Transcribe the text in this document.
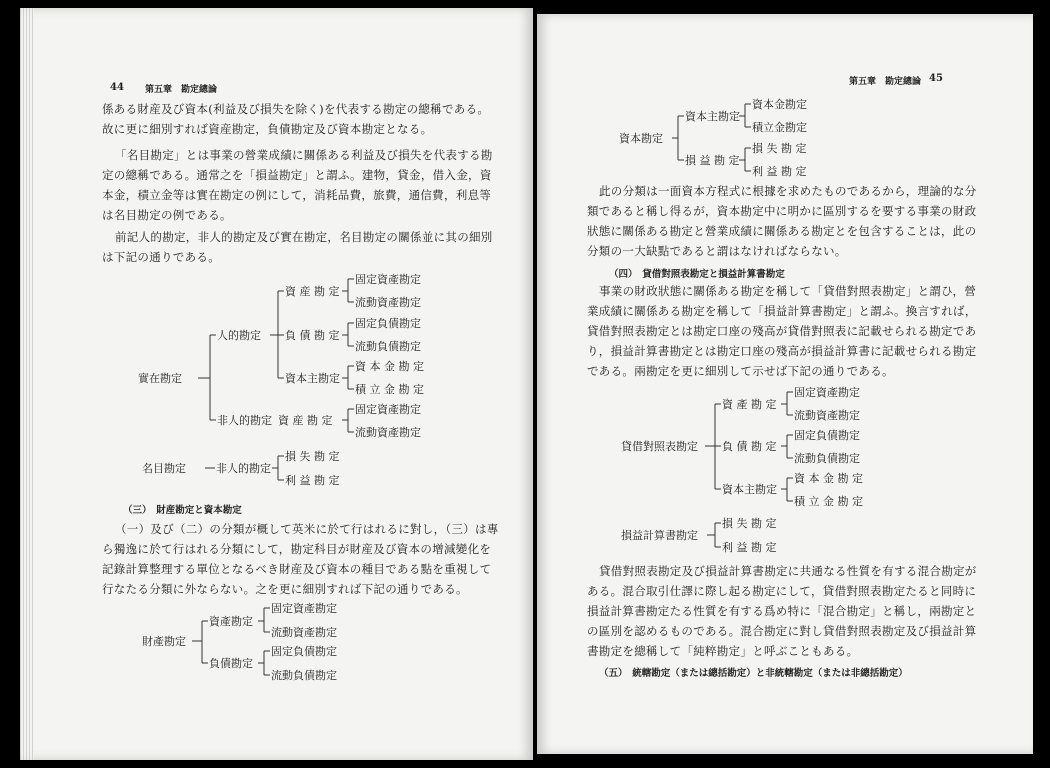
44 第五章　勘定總論
係ある財産及び資本(利益及び損失を除く)を代表する勘定の總稱である。
故に更に細別すれば資産勘定，負債勘定及び資本勘定となる。
「名目勘定」とは事業の營業成績に關係ある利益及び損失を代表する勘
定の總稱である。通常之を「損益勘定」と謂ふ。建物，貸金，借入金，資
本金，積立金等は實在勘定の例にして，消耗品費，旅費，通信費，利息等
は名目勘定の例である。
前記人的勘定，非人的勘定及び實在勘定，名目勘定の關係並に其の細別
は下記の通りである。
實在勘定
人的勘定
資 産 勘 定
負 債 勘 定
資本主勘定
固定資產勘定
流動資產勘定
固定負債勘定
流動負債勘定
資 本 金 勘 定
積 立 金 勘 定
非人的勘定 資 産 勘 定
固定資產勘定
流動資產勘定
名目勘定	非人的勘定
損 失 勘 定
利 益 勘 定
（三）　財産勘定と資本勘定
（一）及び（二）の分類が概して英米に於て行はれるに對し，（三）は專
ら獨逸に於て行はれる分類にして，勘定科目が財産及び資本の增減變化を
記錄計算整理する單位となるべき財産及び資本の種目である點を重視して
行なたる分類に外ならない。之を更に細別すれば下記の通りである。
財產勘定
資產勘定
負債勘定
固定資產勘定
流動資產勘定
固定負債勘定
流動負債勘定
第五章　勘定總論 45
資本勘定
資本主勘定
損 益 勘 定
資本金勘定
積立金勘定
損 失 勘 定
利 益 勘 定
此の分類は一面資本方程式に根據を求めたものであるから，理論的な分
類であると稱し得るが，資本勘定中に明かに區別するを要する事業の財政
狀態に關係ある勘定と營業成績に關係ある勘定とを包含することは，此の
分類の一大缺點であると謂はなければならない。
（四）　貸借對照表勘定と損益計算書勘定
事業の財政狀態に關係ある勘定を稱して「貸借對照表勘定」と謂ひ，營
業成績に關係ある勘定を稱して「損益計算書勘定」と謂ふ。換言すれば，
貸借對照表勘定とは勘定口座の殘高が貸借對照表に記載せられる勘定であ
り，損益計算書勘定とは勘定口座の殘高が損益計算書に記載せられる勘定
である。兩勘定を更に細別して示せば下記の通りである。
貸借對照表勘定
資 產 勘 定
負 債 勘 定
資本主勘定
固定資產勘定
流動資產勘定
固定負債勘定
流動負債勘定
資 本 金 勘 定
積 立 金 勘 定
損益計算書勘定
損 失 勘 定
利 益 勘 定
貸借對照表勘定及び損益計算書勘定に共通なる性質を有する混合勘定が
ある。混合取引仕譯に際し起る勘定にして，貸借對照表勘定たると同時に
損益計算書勘定たる性質を有する爲め特に「混合勘定」と稱し，兩勘定と
の區別を認めるものである。混合勘定に對し貸借對照表勘定及び損益計算
書勘定を總稱して「純粹勘定」と呼ぶこともある。
（五）　統轄勘定（または總括勘定）と非統轄勘定（または非總括勘定）
